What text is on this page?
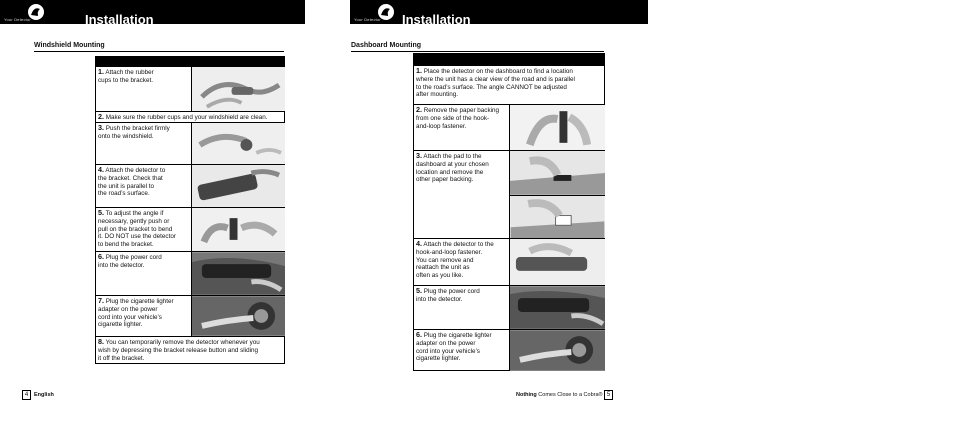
Your Detector	Installation
Windshield Mounting
1. Attach the rubber
cups to the bracket.
2. Make sure the rubber cups and your windshield are clean.
3. Push the bracket firmly
onto the windshield.
4. Attach the detector to
the bracket. Check that
the unit is parallel to
the road’s surface.
5. To adjust the angle if
necessary, gently push or
pull on the bracket to bend
it. DO NOT use the detector
to bend the bracket.
6. Plug the power cord
into the detector.
7. Plug the cigarette lighter
adapter on the power
cord into your vehicle’s
cigarette lighter.
8. You can temporarily remove the detector whenever you
wish by depressing the bracket release button and sliding
it off the bracket.
4	English
Your Detector Installation
Dashboard Mounting
1. Place the detector on the dashboard to find a location
where the unit has a clear view of the road and is parallel
to the road’s surface. The angle CANNOT be adjusted
after mounting.
2. Remove the paper backing
from one side of the hook-
and-loop fastener.
3. Attach the pad to the
dashboard at your chosen
location and remove the
other paper backing.
4. Attach the detector to the
hook-and-loop fastener.
You can remove and
reattach the unit as
often as you like.
5. Plug the power cord
into the detector.
6. Plug the cigarette lighter
adapter on the power
cord into your vehicle’s
cigarette lighter.
Nothing Comes Close to a Cobra® 5
